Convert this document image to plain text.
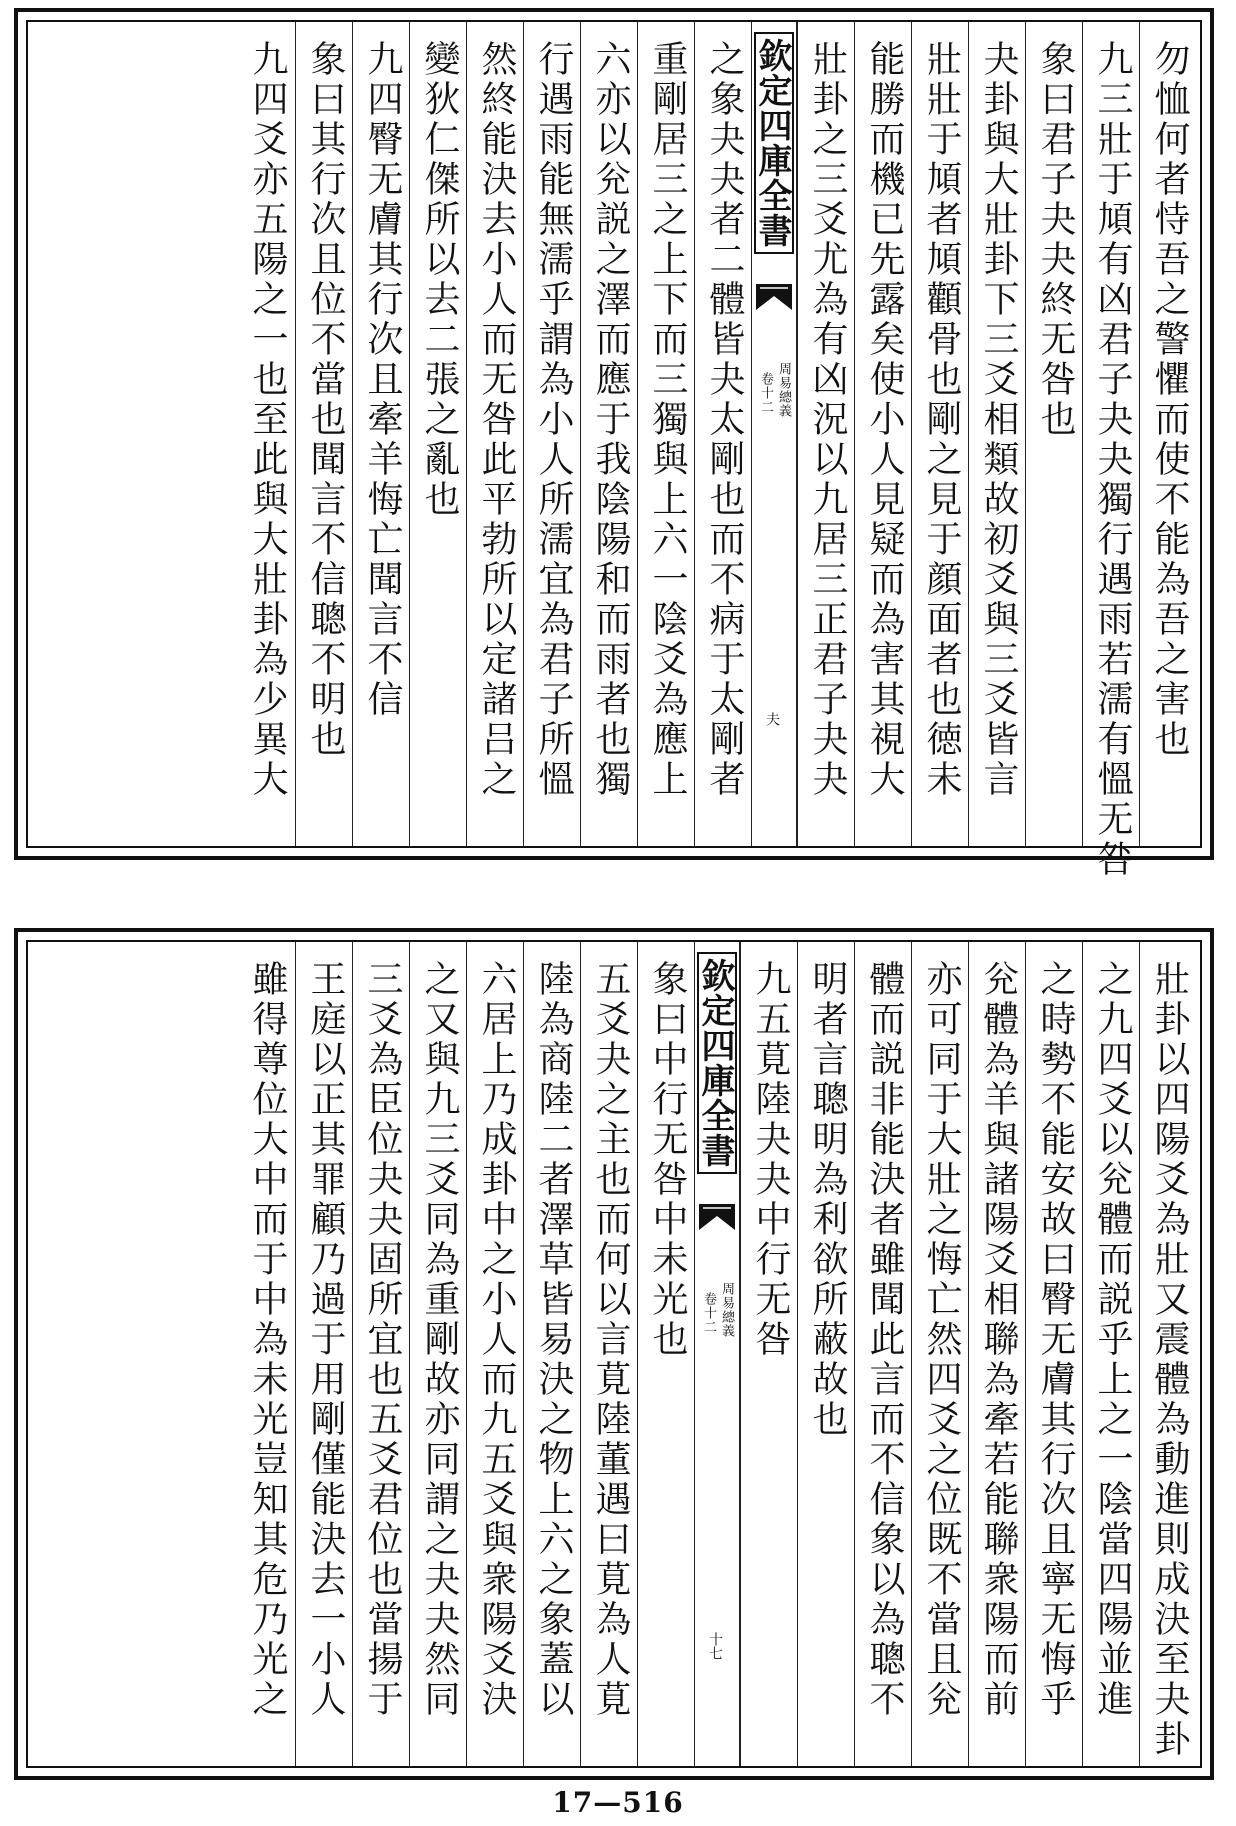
勿恤何者恃吾之警懼而使不能為吾之害也
九三壯于頄有凶君子夬夬獨行遇雨若濡有慍无咎
象曰君子夬夬終无咎也
夬卦與大壯卦下三爻相類故初爻與三爻皆言
壯壯于頄者頄顴骨也剛之見于顔面者也徳未
能勝而機已先露矣使小人見疑而為害其視大
壯卦之三爻尤為有凶況以九居三正君子夬夬
欽定四庫全書
周易總義
卷十二
夫
之象夬夬者二體皆夬太剛也而不病于太剛者
重剛居三之上下而三獨與上六一陰爻為應上
六亦以兊説之澤而應于我陰陽和而雨者也獨
行遇雨能無濡乎謂為小人所濡宜為君子所慍
然終能決去小人而无咎此平勃所以定諸吕之
變狄仁傑所以去二張之亂也
九四臀无膚其行次且牽羊悔亡聞言不信
象曰其行次且位不當也聞言不信聰不明也
九四爻亦五陽之一也至此與大壯卦為少異大
壯卦以四陽爻為壯又震體為動進則成決至夬卦
之九四爻以兊體而説乎上之一陰當四陽並進
之時勢不能安故曰臀无膚其行次且寧无悔乎
兊體為羊與諸陽爻相聯為牽若能聯衆陽而前
亦可同于大壯之悔亡然四爻之位既不當且兊
體而説非能決者雖聞此言而不信象以為聰不
明者言聰明為利欲所蔽故也
九五莧陸夬夬中行无咎
欽定四庫全書
周易總義
卷十二
十七
象曰中行无咎中未光也
五爻夬之主也而何以言莧陸董遇曰莧為人莧
陸為商陸二者澤草皆易決之物上六之象蓋以
六居上乃成卦中之小人而九五爻與衆陽爻決
之又與九三爻同為重剛故亦同謂之夬夬然同
三爻為臣位夬夬固所宜也五爻君位也當揚于
王庭以正其罪顧乃過于用剛僅能決去一小人
雖得尊位大中而于中為未光豈知其危乃光之
17—516
